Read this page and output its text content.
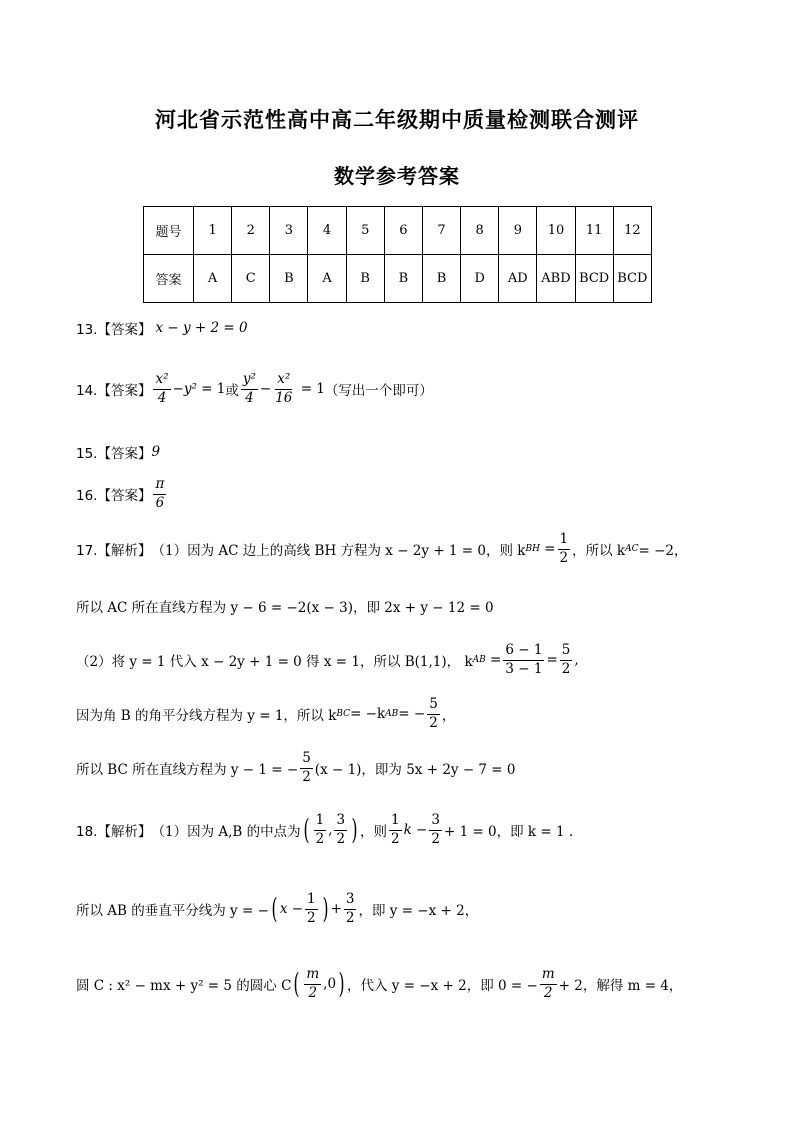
河北省示范性高中高二年级期中质量检测联合测评
数学参考答案
题号	1	2	3	4	5	6	7	8	9	10	11	12
答案	A	C	B	A	B	B	B	D	AD	ABD	BCD	BCD
13.【答案】 x − y + 2 = 0
14.【答案】 $\frac{\text{x²}}{4} - y^2 = 1$ 或 $\frac{\text{y²}}{4} - \frac{\text{x²}}{16} = 1$ （写出一个即可）
15.【答案】 9
16.【答案】 $\frac{\pi}{6}$
17.【解析】 （1）因为 AC 边上的高线 BH 方程为 x − 2y + 1 = 0，则 k BH = $\frac{1}{2}$ ，所以 k AC = −2，
所以 AC 所在直线方程为 y − 6 = −2(x − 3)，即 2x + y − 12 = 0
（2）将 y = 1 代入 x − 2y + 1 = 0 得 x = 1，所以 B(1,1)， k AB = $\frac{6 - 1}{3 - 1} = \frac{5}{2}$ ,
因为角 B 的角平分线方程为 y = 1，所以 k BC = −k AB = − $\frac{5}{2}$ ，
所以 BC 所在直线方程为 y − 1 = − $\frac{5}{2} (x - 1)$，即为 5x + 2y − 7 = 0
18.【解析】 （1）因为 A,B 的中点为 ( $\frac{1}{2}$ , $\frac{3}{2}$ ) ，则 $\frac{1}{2}$ $k - \frac{3}{2} + 1 = 0$，即 k = 1 .
所以 AB 的垂直平分线为 y = − ( $x - \frac{1}{2}$ ) + $\frac{3}{2}$ ，即 y = −x + 2，
圆 C : x² − mx + y² = 5 的圆心 C ( $\frac{m}{2} ,0$ ) ，代入 y = −x + 2，即 0 = − $\frac{m}{2} + 2$，解得 m = 4，
